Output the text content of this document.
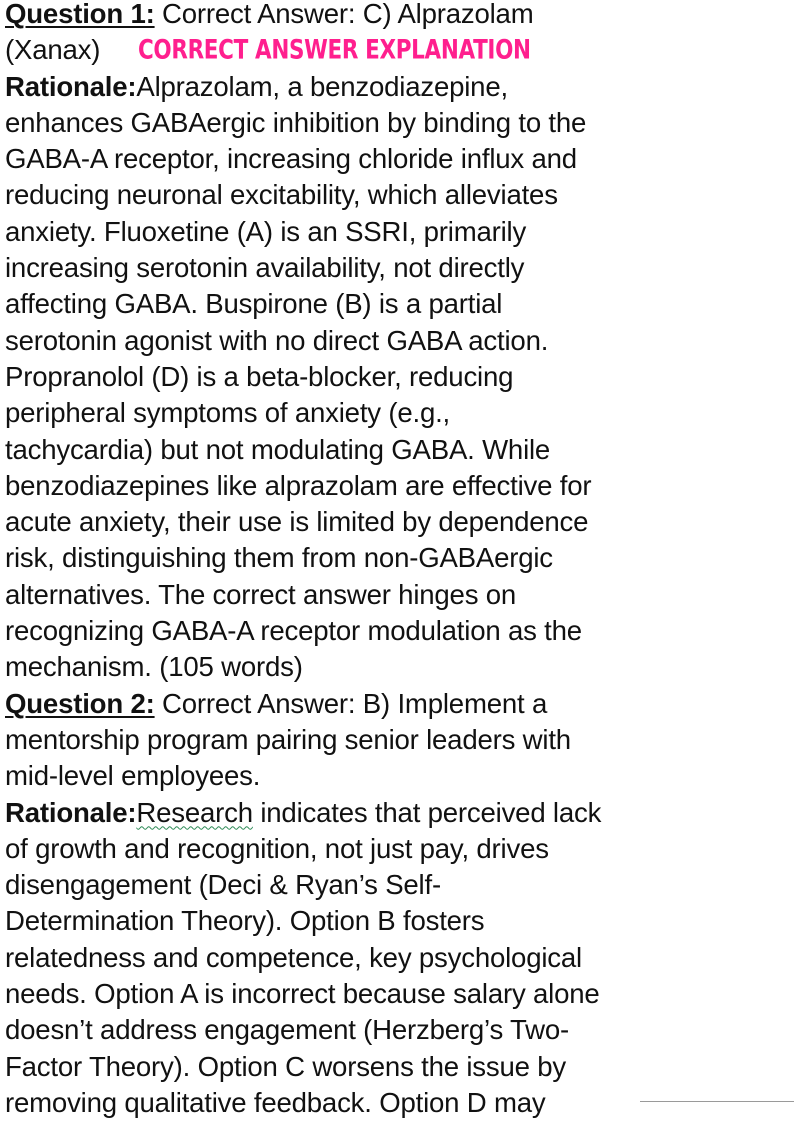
Question 1: Correct Answer: C) Alprazolam
(Xanax) CORRECT ANSWER EXPLANATION
Rationale:Alprazolam, a benzodiazepine,
enhances GABAergic inhibition by binding to the
GABA-A receptor, increasing chloride influx and
reducing neuronal excitability, which alleviates
anxiety. Fluoxetine (A) is an SSRI, primarily
increasing serotonin availability, not directly
affecting GABA. Buspirone (B) is a partial
serotonin agonist with no direct GABA action.
Propranolol (D) is a beta-blocker, reducing
peripheral symptoms of anxiety (e.g.,
tachycardia) but not modulating GABA. While
benzodiazepines like alprazolam are effective for
acute anxiety, their use is limited by dependence
risk, distinguishing them from non-GABAergic
alternatives. The correct answer hinges on
recognizing GABA-A receptor modulation as the
mechanism. (105 words)
Question 2: Correct Answer: B) Implement a
mentorship program pairing senior leaders with
mid-level employees.
Rationale:Research indicates that perceived lack
of growth and recognition, not just pay, drives
disengagement (Deci & Ryan’s Self-
Determination Theory). Option B fosters
relatedness and competence, key psychological
needs. Option A is incorrect because salary alone
doesn’t address engagement (Herzberg’s Two-
Factor Theory). Option C worsens the issue by
removing qualitative feedback. Option D may
